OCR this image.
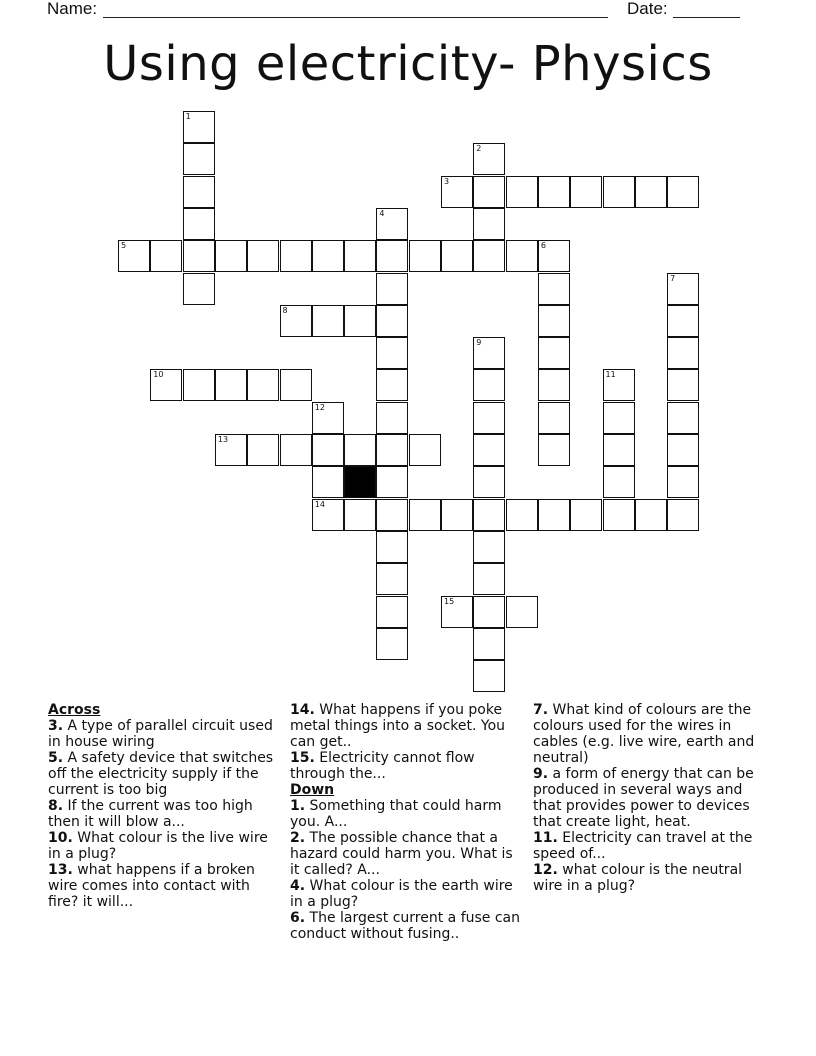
Name:	Date:
Using electricity- Physics
1
2
3
4
5	6
7
8
9
10	11
12
14
13
15

Across

3. A type of parallel circuit used in house wiring

5. A safety device that switches off the electricity supply if the current is too big

8. If the current was too high then it will blow a...

10. What colour is the live wire in a plug?

13. what happens if a broken wire comes into contact with fire? it will...

14. What happens if you poke metal things into a socket. You can get..

15. Electricity cannot flow through the...

Down

1. Something that could harm you. A...

2. The possible chance that a hazard could harm you. What is it called? A...

4. What colour is the earth wire in a plug?

6. The largest current a fuse can conduct without fusing..

7. What kind of colours are the colours used for the wires in cables (e.g. live wire, earth and neutral)

9. a form of energy that can be produced in several ways and that provides power to devices that create light, heat.

11. Electricity can travel at the speed of...

12. what colour is the neutral wire in a plug?
